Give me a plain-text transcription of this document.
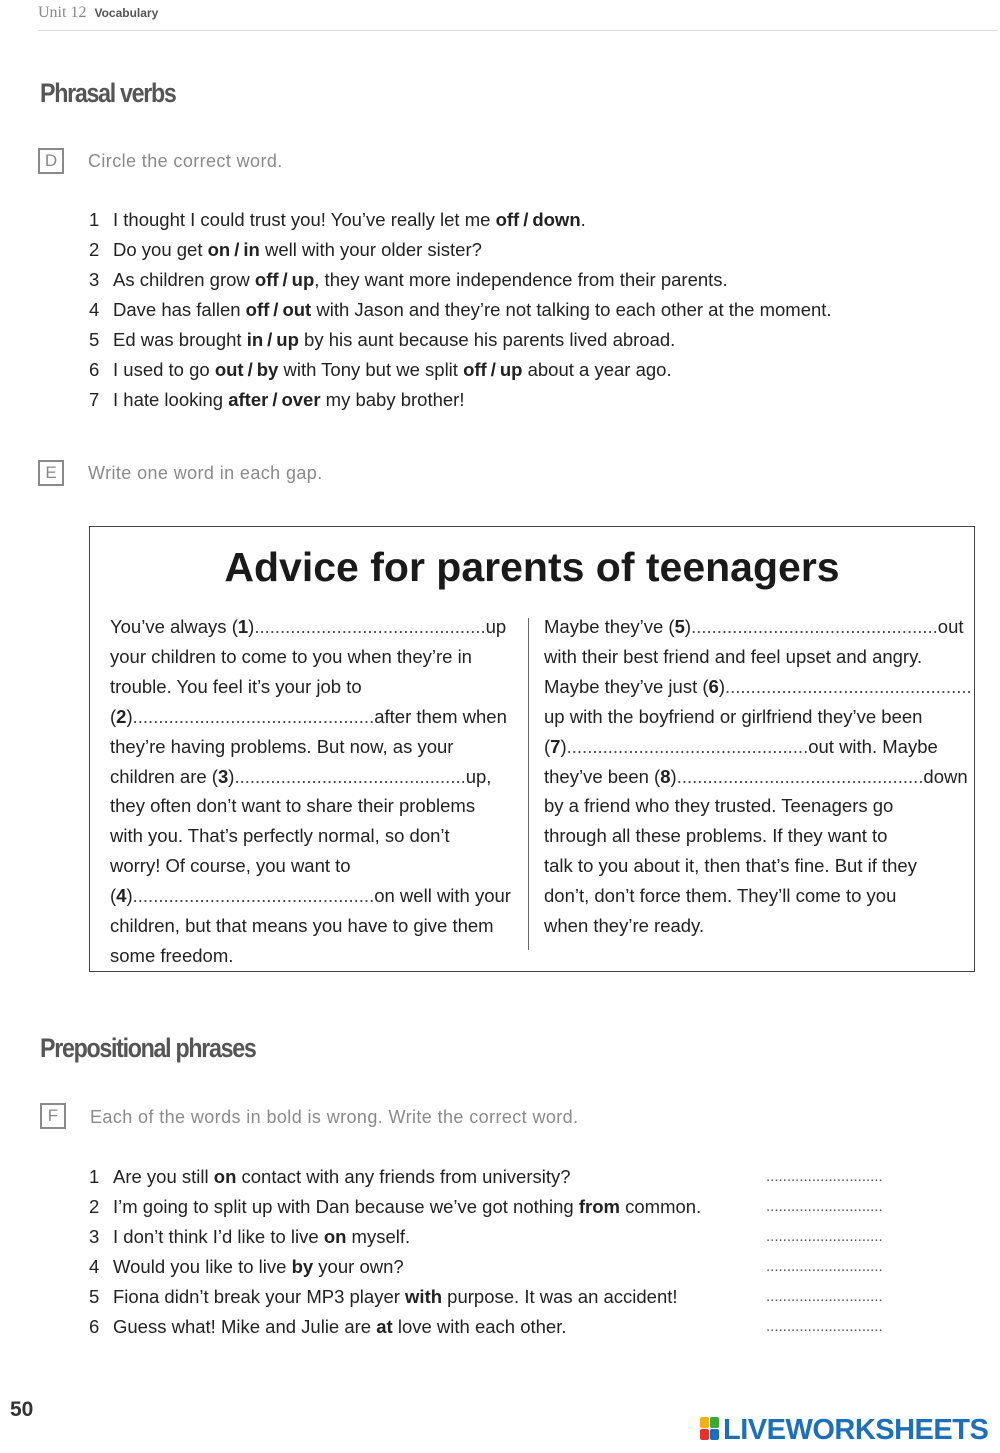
Unit 12 Vocabulary
Phrasal verbs
D	Circle the correct word.
1 I thought I could trust you! You’ve really let me off / down.
2 Do you get on / in well with your older sister?
3 As children grow off / up, they want more independence from their parents.
4 Dave has fallen off / out with Jason and they’re not talking to each other at the moment.
5 Ed was brought in / up by his aunt because his parents lived abroad.
6 I used to go out / by with Tony but we split off / up about a year ago.
7 I hate looking after / over my baby brother!
E	Write one word in each gap.
Advice for parents of teenagers
You’ve always ( 1 ) ............................................. up
your children to come to you when they’re in
trouble. You feel it’s your job to
( 2 ) ............................................... after them when
they’re having problems. But now, as your
children are ( 3 ) ............................................. up,
they often don’t want to share their problems
with you. That’s perfectly normal, so don’t
worry! Of course, you want to
( 4 ) ............................................... on well with your
children, but that means you have to give them
some freedom.
Maybe they’ve ( 5 ) ................................................ out
with their best friend and feel upset and angry.
Maybe they’ve just ( 6 ) ................................................
up with the boyfriend or girlfriend they’ve been
( 7 ) ............................................... out with. Maybe
they’ve been ( 8 ) ................................................ down
by a friend who they trusted. Teenagers go
through all these problems. If they want to
talk to you about it, then that’s fine. But if they
don’t, don’t force them. They’ll come to you
when they’re ready.
Prepositional phrases
F	Each of the words in bold is wrong. Write the correct word.
1 Are you still on contact with any friends from university?	............................
2 I’m going to split up with Dan because we’ve got nothing from common.	............................
3 I don’t think I’d like to live on myself.	............................
4 Would you like to live by your own?	............................
5 Fiona didn’t break your MP3 player with purpose. It was an accident!	............................
6 Guess what! Mike and Julie are at love with each other.	............................
50
LIVEWORKSHEETS
